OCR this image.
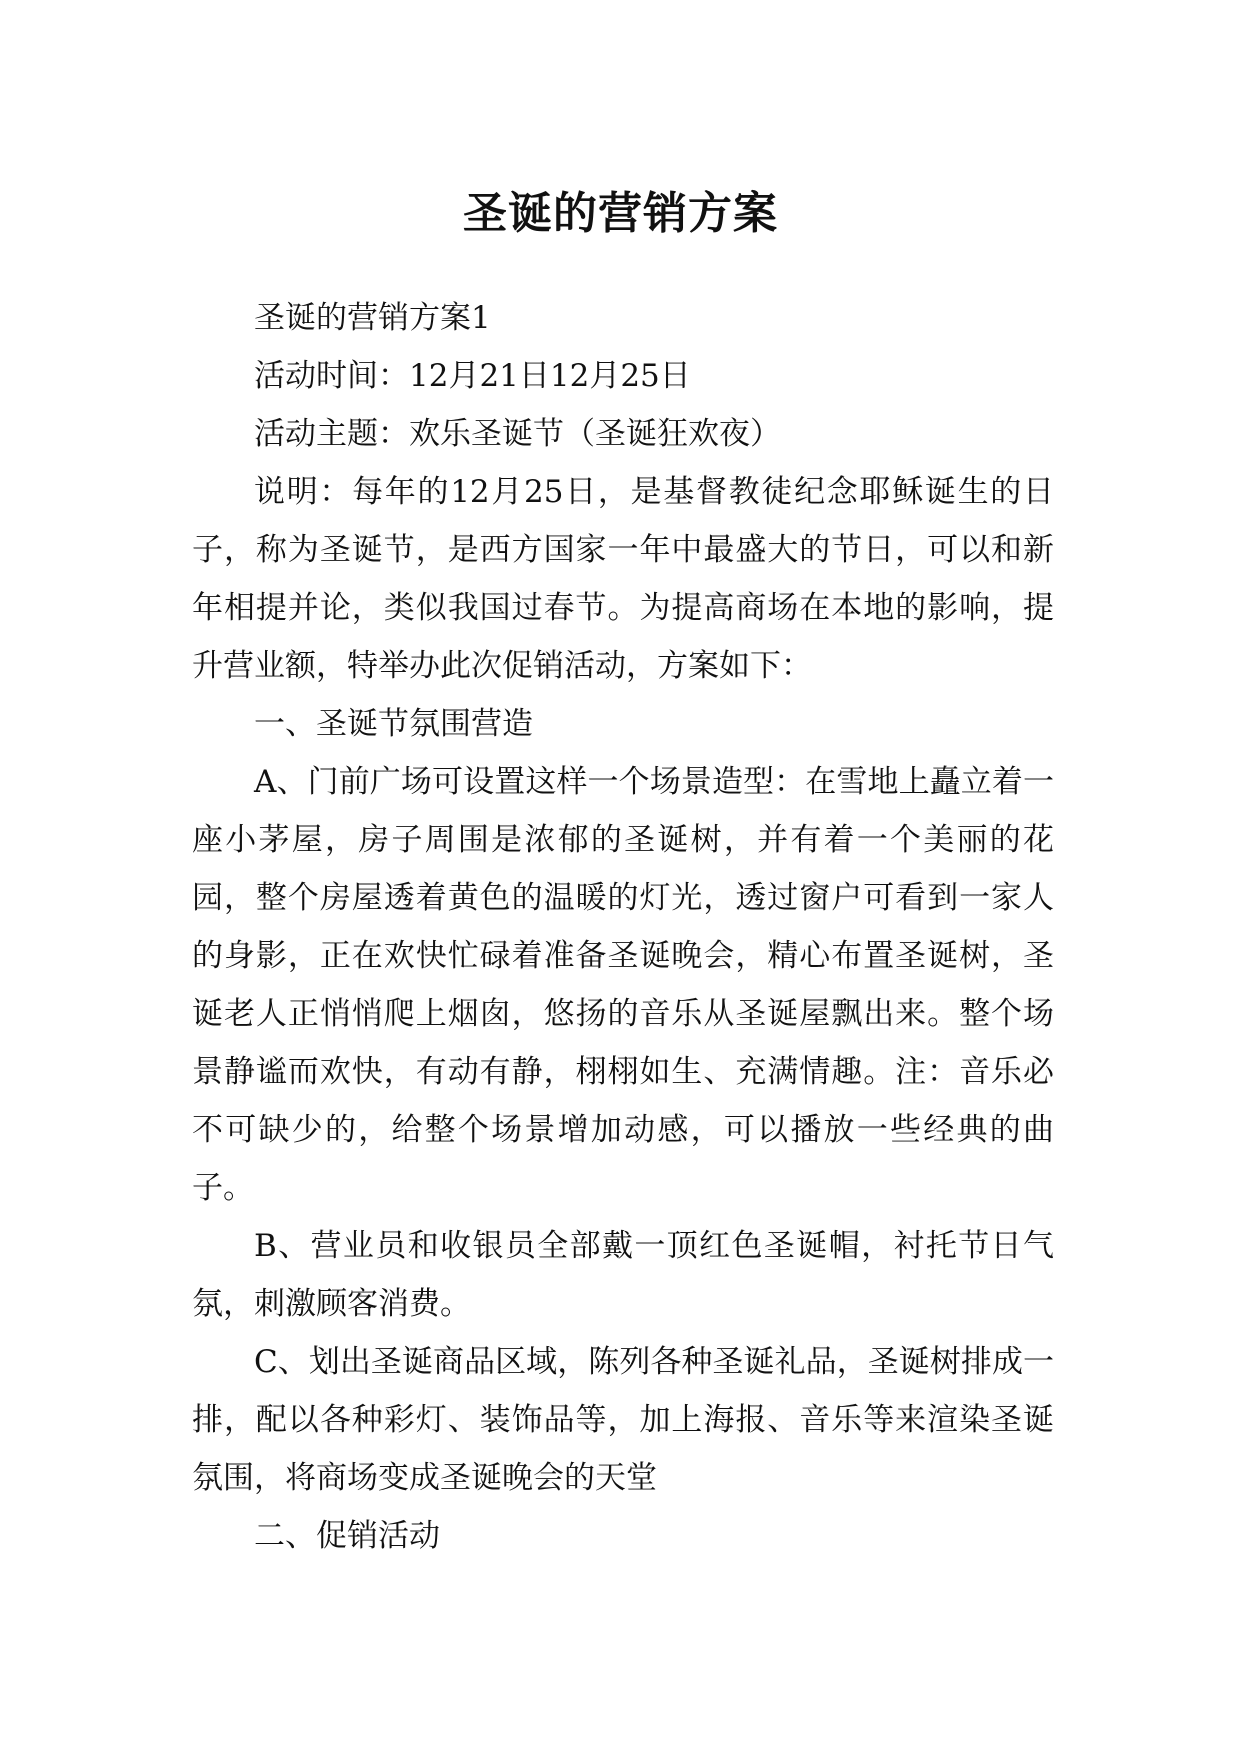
圣诞的营销方案

圣诞的营销方案1

活动时间：12月21日12月25日

活动主题：欢乐圣诞节（圣诞狂欢夜）

说明：每年的12月25日，是基督教徒纪念耶稣诞生的日子，称为圣诞节，是西方国家一年中最盛大的节日，可以和新年相提并论，类似我国过春节。为提高商场在本地的影响，提升营业额，特举办此次促销活动，方案如下：

一、圣诞节氛围营造

A、门前广场可设置这样一个场景造型：在雪地上矗立着一座小茅屋，房子周围是浓郁的圣诞树，并有着一个美丽的花园，整个房屋透着黄色的温暖的灯光，透过窗户可看到一家人的身影，正在欢快忙碌着准备圣诞晚会，精心布置圣诞树，圣诞老人正悄悄爬上烟囱，悠扬的音乐从圣诞屋飘出来。整个场景静谧而欢快，有动有静，栩栩如生、充满情趣。注：音乐必不可缺少的，给整个场景增加动感，可以播放一些经典的曲子。

B、营业员和收银员全部戴一顶红色圣诞帽，衬托节日气氛，刺激顾客消费。

C、划出圣诞商品区域，陈列各种圣诞礼品，圣诞树排成一排，配以各种彩灯、装饰品等，加上海报、音乐等来渲染圣诞氛围，将商场变成圣诞晚会的天堂

二、促销活动
